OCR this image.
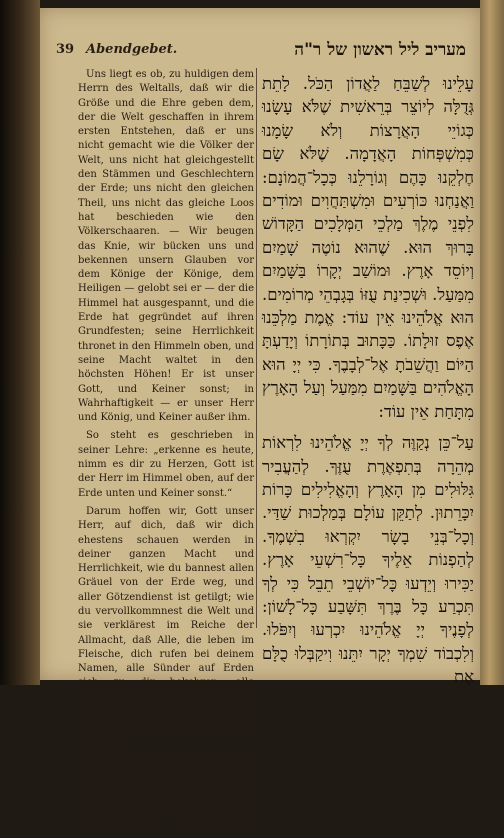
39 Abendgebet.	מעריב ליל ראשון של ר"ה

Uns liegt es ob, zu huldigen dem Herrn des Weltalls, daß wir die Größe und die Ehre geben dem, der die Welt geschaffen in ihrem ersten Entstehen, daß er uns nicht gemacht wie die Völker der Welt, uns nicht hat gleichgestellt den Stämmen und Geschlechtern der Erde; uns nicht den gleichen Theil, uns nicht das gleiche Loos hat beschieden wie den Völkerschaaren. — Wir beugen das Knie, wir bücken uns und bekennen unsern Glauben vor dem Könige der Könige, dem Heiligen — gelobt sei er — der die Himmel hat ausgespannt, und die Erde hat gegründet auf ihren Grundfesten; seine Herrlichkeit thronet in den Himmeln oben, und seine Macht waltet in den höchsten Höhen! Er ist unser Gott, und Keiner sonst; in Wahrhaftigkeit — er unser Herr und König, und Keiner außer ihm.

So steht es geschrieben in seiner Lehre: „erkenne es heute, nimm es dir zu Herzen, Gott ist der Herr im Himmel oben, auf der Erde unten und Keiner sonst.“

Darum hoffen wir, Gott unser Herr, auf dich, daß wir dich ehestens schauen werden in deiner ganzen Macht und Herrlichkeit, wie du bannest allen Gräuel von der Erde weg, und aller Götzendienst ist getilgt; wie du vervollkommnest die Welt und sie verklärest im Reiche der Allmacht, daß Alle, die leben im Fleische, dich rufen bei deinem Namen, alle Sünder auf Erden sich zu dir bekehren, alle Weltenbewohner es wissen und erkennen, daß vor dir sich beuget jedes Knie, zu dir schwöret jede Zunge!

Vor dir, unserm Gott und Herrn, beugen sie das Knie, und fallen sie nieder; deinem Namen geben sie die Ehre und den Ruhm und nehmen über sich einstimmig und ein,

עָלֵינוּ לְשַׁבֵּחַ לַאֲדוֹן הַכֹּל. לָתֵת גְּדֻלָּה לְיוֹצֵר בְּרֵאשִׁית שֶׁלֹּא עָשָׂנוּ כְּגוֹיֵי הָאֲרָצוֹת וְלֹא שָׂמָנוּ כְּמִשְׁפְּחוֹת הָאֲדָמָה. שֶׁלֹּא שָׂם חֶלְקֵנוּ כָּהֶם וְגוֹרָלֵנוּ כְּכָל־הֲמוֹנָם: וַאֲנַחְנוּ כּוֹרְעִים וּמִשְׁתַּחֲוִים וּמוֹדִים לִפְנֵי מֶלֶךְ מַלְכֵי הַמְּלָכִים הַקָּדוֹשׁ בָּרוּךְ הוּא. שֶׁהוּא נוֹטֶה שָׁמַיִם וְיוֹסֵד אָרֶץ. וּמוֹשַׁב יְקָרוֹ בַּשָּׁמַיִם מִמַּעַל. וּשְׁכִינַת עֻזּוֹ בְּגָבְהֵי מְרוֹמִים. הוּא אֱלֹהֵינוּ אֵין עוֹד: אֱמֶת מַלְכֵּנוּ אֶפֶס זוּלָתוֹ. כַּכָּתוּב בְּתוֹרָתוֹ וְיָדַעְתָּ הַיּוֹם וַהֲשֵׁבֹתָ אֶל־לְבָבֶךָ. כִּי יְיָ הוּא הָאֱלֹהִים בַּשָּׁמַיִם מִמַּעַל וְעַל הָאָרֶץ מִתָּחַת אֵין עוֹד:

עַל־כֵּן נְקַוֶּה לְךָ יְיָ אֱלֹהֵינוּ לִרְאוֹת מְהֵרָה בְּתִפְאֶרֶת עֻזֶּךָ. לְהַעֲבִיר גִּלּוּלִים מִן הָאָרֶץ וְהָאֱלִילִים כָּרוֹת יִכָּרֵתוּן. לְתַקֵּן עוֹלָם בְּמַלְכוּת שַׁדַּי. וְכָל־בְּנֵי בָשָׂר יִקְרְאוּ בִשְׁמֶךָ. לְהַפְנוֹת אֵלֶיךָ כָּל־רִשְׁעֵי אָרֶץ. יַכִּירוּ וְיֵדְעוּ כָּל־יוֹשְׁבֵי תֵבֵל כִּי לְךָ תִּכְרַע כָּל בֶּרֶךְ תִּשָּׁבַע כָּל־לָשׁוֹן: לְפָנֶיךָ יְיָ אֱלֹהֵינוּ יִכְרְעוּ וְיִפֹּלוּ. וְלִכְבוֹד שִׁמְךָ יְקָר יִתֵּנוּ וִיקַבְּלוּ כֻלָּם אֶת
